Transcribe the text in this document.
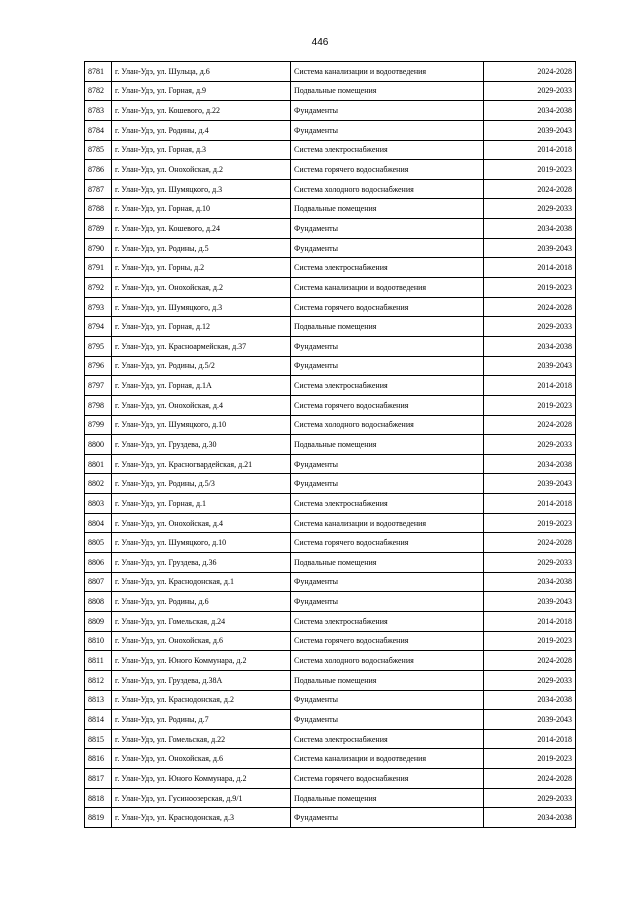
446
8781	г. Улан-Удэ, ул. Шульца, д.6	Система канализации и водоотведения	2024-2028
8782	г. Улан-Удэ, ул. Горная, д.9	Подвальные помещения	2029-2033
8783	г. Улан-Удэ, ул. Кошевого, д.22	Фундаменты	2034-2038
8784	г. Улан-Удэ, ул. Родины, д.4	Фундаменты	2039-2043
8785	г. Улан-Удэ, ул. Горная, д.3	Система электроснабжения	2014-2018
8786	г. Улан-Удэ, ул. Онохойская, д.2	Система горячего водоснабжения	2019-2023
8787	г. Улан-Удэ, ул. Шумяцкого, д.3	Система холодного водоснабжения	2024-2028
8788	г. Улан-Удэ, ул. Горная, д.10	Подвальные помещения	2029-2033
8789	г. Улан-Удэ, ул. Кошевого, д.24	Фундаменты	2034-2038
8790	г. Улан-Удэ, ул. Родины, д.5	Фундаменты	2039-2043
8791	г. Улан-Удэ, ул. Горны, д.2	Система электроснабжения	2014-2018
8792	г. Улан-Удэ, ул. Онохойская, д.2	Система канализации и водоотведения	2019-2023
8793	г. Улан-Удэ, ул. Шумяцкого, д.3	Система горячего водоснабжения	2024-2028
8794	г. Улан-Удэ, ул. Горная, д.12	Подвальные помещения	2029-2033
8795	г. Улан-Удэ, ул. Красноармейская, д.37	Фундаменты	2034-2038
8796	г. Улан-Удэ, ул. Родины, д.5/2	Фундаменты	2039-2043
8797	г. Улан-Удэ, ул. Горная, д.1А	Система электроснабжения	2014-2018
8798	г. Улан-Удэ, ул. Онохойская, д.4	Система горячего водоснабжения	2019-2023
8799	г. Улан-Удэ, ул. Шумяцкого, д.10	Система холодного водоснабжения	2024-2028
8800	г. Улан-Удэ, ул. Груздева, д.30	Подвальные помещения	2029-2033
8801	г. Улан-Удэ, ул. Красногвардейская, д.21	Фундаменты	2034-2038
8802	г. Улан-Удэ, ул. Родины, д.5/3	Фундаменты	2039-2043
8803	г. Улан-Удэ, ул. Горная, д.1	Система электроснабжения	2014-2018
8804	г. Улан-Удэ, ул. Онохойская, д.4	Система канализации и водоотведения	2019-2023
8805	г. Улан-Удэ, ул. Шумяцкого, д.10	Система горячего водоснабжения	2024-2028
8806	г. Улан-Удэ, ул. Груздева, д.36	Подвальные помещения	2029-2033
8807	г. Улан-Удэ, ул. Краснодонская, д.1	Фундаменты	2034-2038
8808	г. Улан-Удэ, ул. Родины, д.6	Фундаменты	2039-2043
8809	г. Улан-Удэ, ул. Гомельская, д.24	Система электроснабжения	2014-2018
8810	г. Улан-Удэ, ул. Онохойская, д.6	Система горячего водоснабжения	2019-2023
8811	г. Улан-Удэ, ул. Юного Коммунара, д.2	Система холодного водоснабжения	2024-2028
8812	г. Улан-Удэ, ул. Груздева, д.38А	Подвальные помещения	2029-2033
8813	г. Улан-Удэ, ул. Краснодонская, д.2	Фундаменты	2034-2038
8814	г. Улан-Удэ, ул. Родины, д.7	Фундаменты	2039-2043
8815	г. Улан-Удэ, ул. Гомельская, д.22	Система электроснабжения	2014-2018
8816	г. Улан-Удэ, ул. Онохойская, д.6	Система канализации и водоотведения	2019-2023
8817	г. Улан-Удэ, ул. Юного Коммунара, д.2	Система горячего водоснабжения	2024-2028
8818	г. Улан-Удэ, ул. Гусиноозерская, д.9/1	Подвальные помещения	2029-2033
8819	г. Улан-Удэ, ул. Краснодонская, д.3	Фундаменты	2034-2038
